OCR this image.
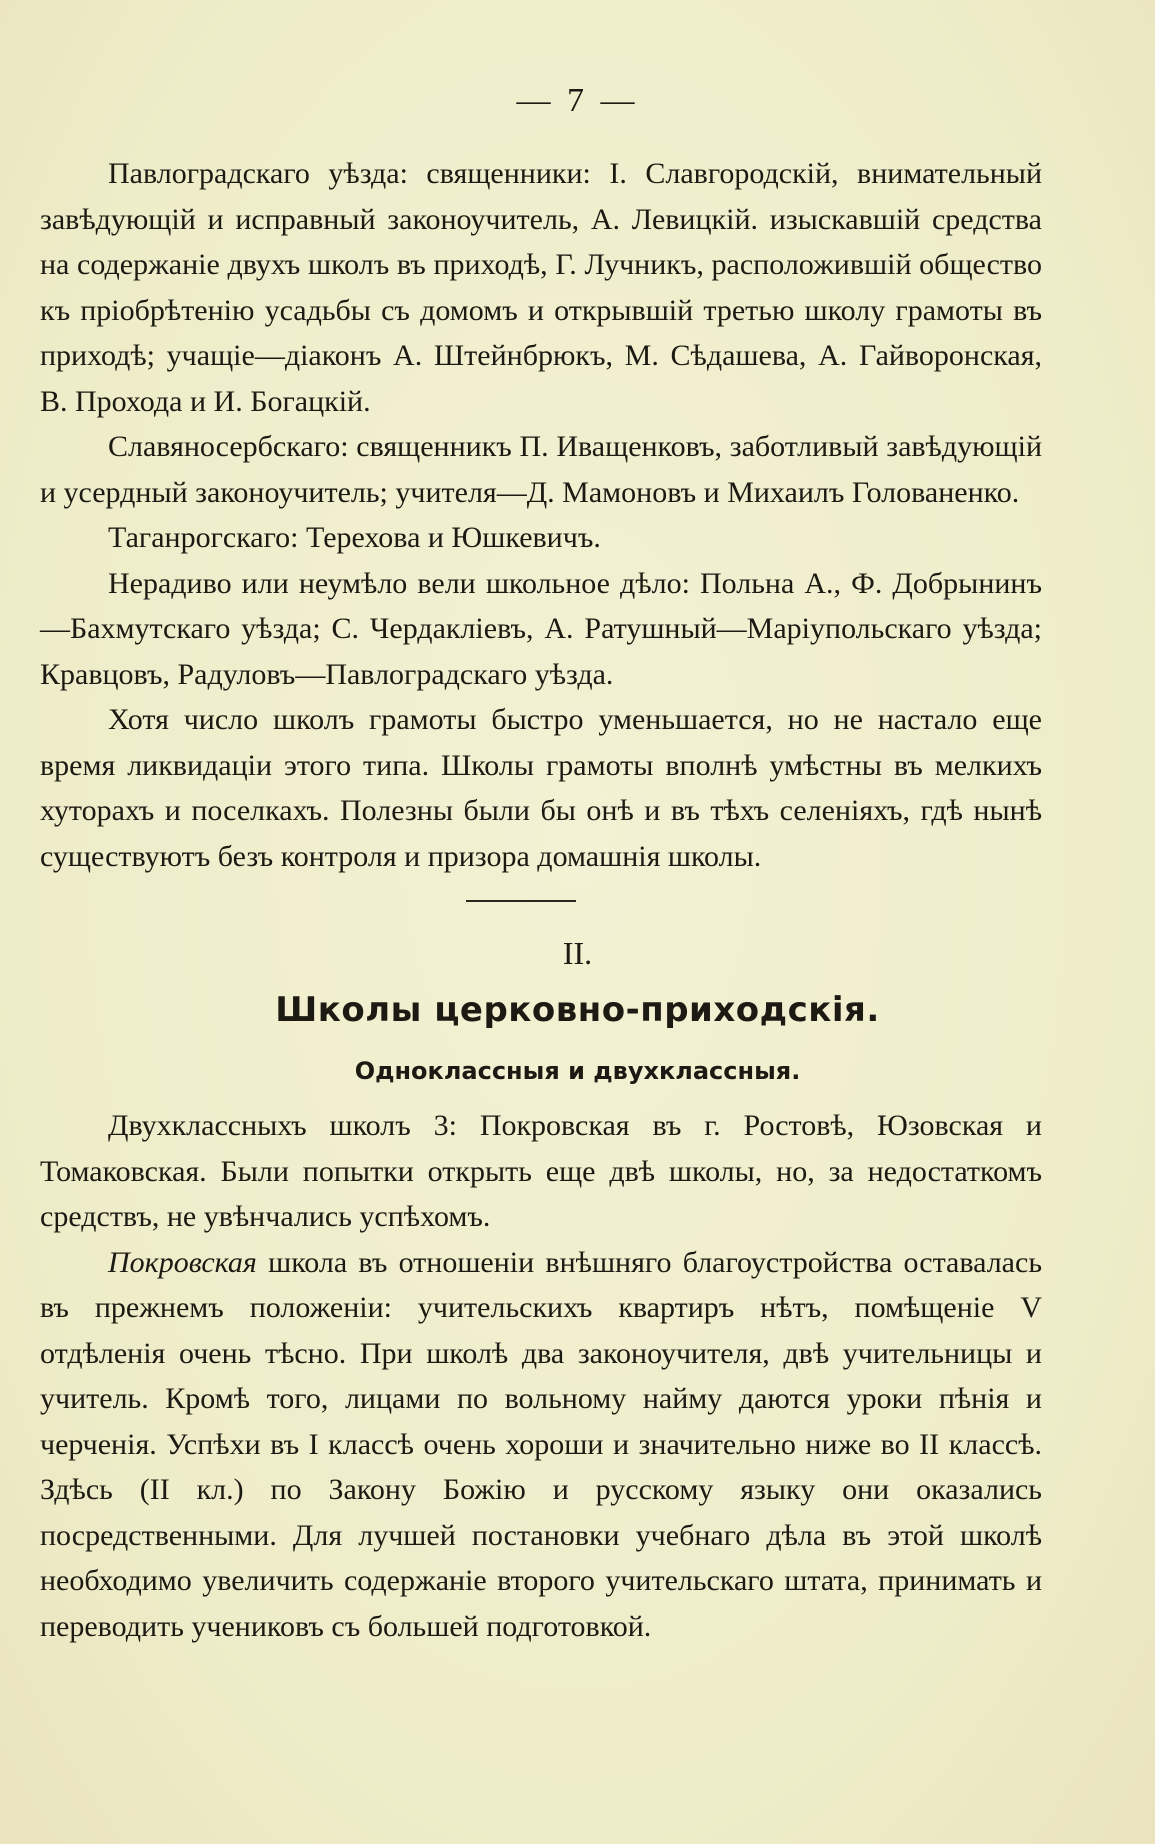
— 7 —

Павлоградскаго уѣзда: священники: I. Славгородскій, внимательный завѣдующій и исправный законоучитель, А. Левицкій. изыскавшій средства на содержаніе двухъ школъ въ приходѣ, Г. Лучникъ, расположившій общество къ пріобрѣтенію усадьбы съ домомъ и открывшій третью школу грамоты въ приходѣ; учащіе—діаконъ А. Штейнбрюкъ, М. Сѣдашева, А. Гайворонская, В. Прохода и И. Богацкій.

Славяносербскаго: священникъ П. Иващенковъ, заботливый завѣдующій и усердный законоучитель; учителя—Д. Мамоновъ и Михаилъ Голованенко.

Таганрогскаго: Терехова и Юшкевичъ.

Нерадиво или неумѣло вели школьное дѣло: Польна А., Ф. Добрынинъ—Бахмутскаго уѣзда; С. Чердакліевъ, А. Ратушный—Маріупольскаго уѣзда; Кравцовъ, Радуловъ—Павлоградскаго уѣзда.

Хотя число школъ грамоты быстро уменьшается, но не настало еще время ликвидаціи этого типа. Школы грамоты вполнѣ умѣстны въ мелкихъ хуторахъ и поселкахъ. Полезны были бы онѣ и въ тѣхъ селеніяхъ, гдѣ нынѣ существуютъ безъ контроля и призора домашнія школы.

II.
Школы церковно-приходскія.
Одноклассныя и двухклассныя.

Двухклассныхъ школъ 3: Покровская въ г. Ростовѣ, Юзовская и Томаковская. Были попытки открыть еще двѣ школы, но, за недостаткомъ средствъ, не увѣнчались успѣхомъ.

Покровская школа въ отношеніи внѣшняго благоустройства оставалась въ прежнемъ положеніи: учительскихъ квартиръ нѣтъ, помѣщеніе V отдѣленія очень тѣсно. При школѣ два законоучителя, двѣ учительницы и учитель. Кромѣ того, лицами по вольному найму даются уроки пѣнія и черченія. Успѣхи въ I классѣ очень хороши и значительно ниже во II классѣ. Здѣсь (II кл.) по Закону Божію и русскому языку они оказались посредственными. Для лучшей постановки учебнаго дѣла въ этой школѣ необходимо увеличить содержаніе второго учительскаго штата, принимать и переводить учениковъ съ большей подготовкой.
